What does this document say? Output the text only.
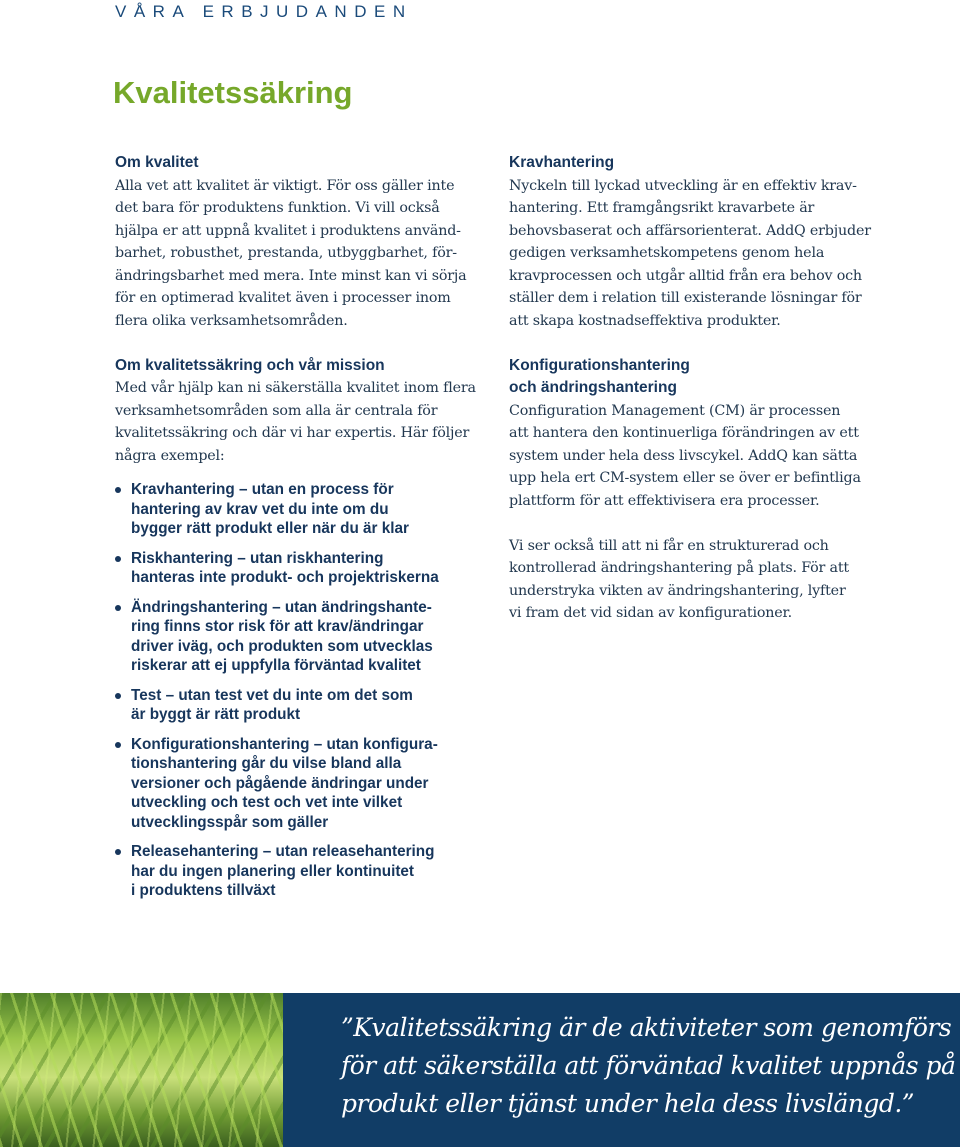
VÅRA ERBJUDANDEN
Kvalitetssäkring
Om kvalitet
Alla vet att kvalitet är viktigt. För oss gäller inte
det bara för produktens funktion. Vi vill också
hjälpa er att uppnå kvalitet i produktens använd-
barhet, robusthet, prestanda, utbyggbarhet, för-
ändringsbarhet med mera. Inte minst kan vi sörja
för en optimerad kvalitet även i processer inom
flera olika verksamhetsområden.
Om kvalitetssäkring och vår mission
Med vår hjälp kan ni säkerställa kvalitet inom flera
verksamhetsområden som alla är centrala för
kvalitetssäkring och där vi har expertis. Här följer
några exempel:
Kravhantering – utan en process för
hantering av krav vet du inte om du
bygger rätt produkt eller när du är klar
Riskhantering – utan riskhantering
hanteras inte produkt- och projektriskerna
Ändringshantering – utan ändringshante-
ring finns stor risk för att krav/ändringar
driver iväg, och produkten som utvecklas
riskerar att ej uppfylla förväntad kvalitet
Test – utan test vet du inte om det som
är byggt är rätt produkt
Konfigurationshantering – utan konfigura-
tionshantering går du vilse bland alla
versioner och pågående ändringar under
utveckling och test och vet inte vilket
utvecklingsspår som gäller
Releasehantering – utan releasehantering
har du ingen planering eller kontinuitet
i produktens tillväxt
Kravhantering
Nyckeln till lyckad utveckling är en effektiv krav-
hantering. Ett framgångsrikt kravarbete är
behovsbaserat och affärsorienterat. AddQ erbjuder
gedigen verksamhetskompetens genom hela
kravprocessen och utgår alltid från era behov och
ställer dem i relation till existerande lösningar för
att skapa kostnadseffektiva produkter.
Konfigurationshantering
och ändringshantering
Configuration Management (CM) är processen
att hantera den kontinuerliga förändringen av ett
system under hela dess livscykel. AddQ kan sätta
upp hela ert CM-system eller se över er befintliga
plattform för att effektivisera era processer.
Vi ser också till att ni får en strukturerad och
kontrollerad ändringshantering på plats. För att
understryka vikten av ändringshantering, lyfter
vi fram det vid sidan av konfigurationer.

”Kvalitetssäkring är de aktiviteter som genomförs
för att säkerställa att förväntad kvalitet uppnås på
produkt eller tjänst under hela dess livslängd.”
